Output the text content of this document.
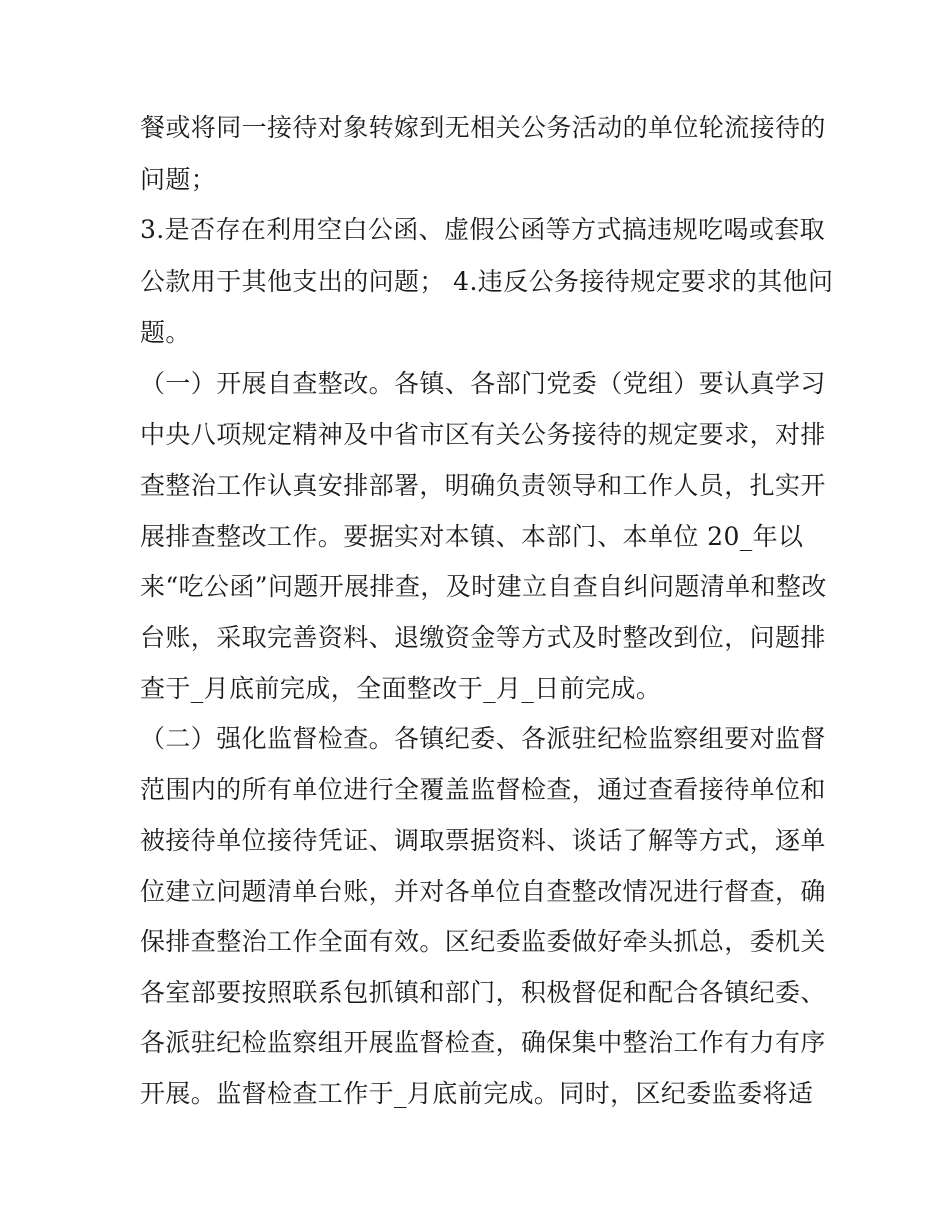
餐或将同一接待对象转嫁到无相关公务活动的单位轮流接待的
问题；
3.是否存在利用空白公函、虚假公函等方式搞违规吃喝或套取
公款用于其他支出的问题； 4.违反公务接待规定要求的其他问
题。
（一）开展自查整改。各镇、各部门党委（党组）要认真学习
中央八项规定精神及中省市区有关公务接待的规定要求，对排
查整治工作认真安排部署，明确负责领导和工作人员，扎实开
展排查整改工作。要据实对本镇、本部门、本单位 20_年以
来“吃公函”问题开展排查，及时建立自查自纠问题清单和整改
台账，采取完善资料、退缴资金等方式及时整改到位，问题排
查于_月底前完成，全面整改于_月_日前完成。
（二）强化监督检查。各镇纪委、各派驻纪检监察组要对监督
范围内的所有单位进行全覆盖监督检查，通过查看接待单位和
被接待单位接待凭证、调取票据资料、谈话了解等方式，逐单
位建立问题清单台账，并对各单位自查整改情况进行督查，确
保排查整治工作全面有效。区纪委监委做好牵头抓总，委机关
各室部要按照联系包抓镇和部门，积极督促和配合各镇纪委、
各派驻纪检监察组开展监督检查，确保集中整治工作有力有序
开展。监督检查工作于_月底前完成。同时，区纪委监委将适
